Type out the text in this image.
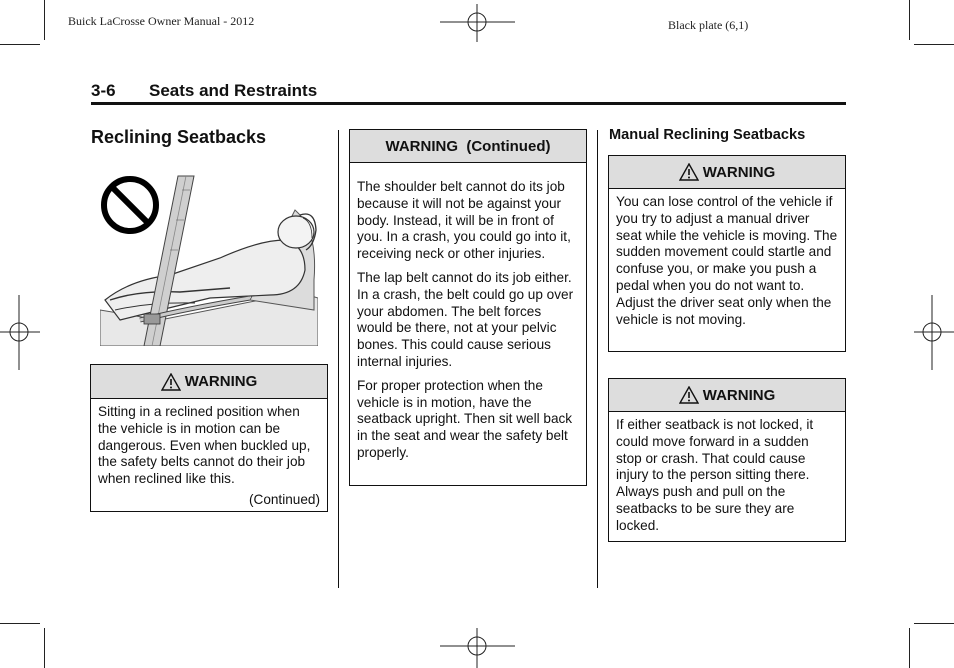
Buick LaCrosse Owner Manual - 2012	Black plate (6,1)
3-6 Seats and Restraints
Reclining Seatbacks
WARNING
Sitting in a reclined position when the vehicle is in motion can be dangerous. Even when buckled up, the safety belts cannot do their job when reclined like this.
(Continued)
WARNING  (Continued)

The shoulder belt cannot do its job because it will not be against your body. Instead, it will be in front of you. In a crash, you could go into it, receiving neck or other injuries.

The lap belt cannot do its job either. In a crash, the belt could go up over your abdomen. The belt forces would be there, not at your pelvic bones. This could cause serious internal injuries.

For proper protection when the vehicle is in motion, have the seatback upright. Then sit well back in the seat and wear the safety belt properly.

Manual Reclining Seatbacks
WARNING
You can lose control of the vehicle if you try to adjust a manual driver seat while the vehicle is moving. The sudden movement could startle and confuse you, or make you push a pedal when you do not want to. Adjust the driver seat only when the vehicle is not moving.
WARNING
If either seatback is not locked, it could move forward in a sudden stop or crash. That could cause injury to the person sitting there. Always push and pull on the seatbacks to be sure they are locked.
